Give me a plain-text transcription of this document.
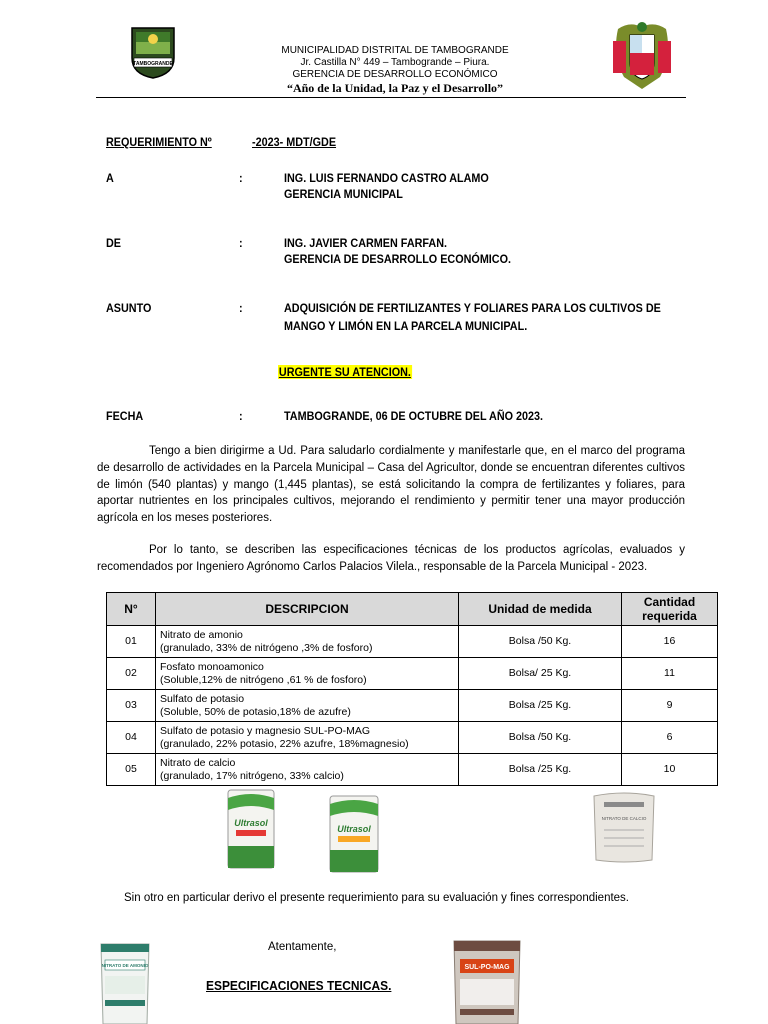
TAMBOGRANDE
MUNICIPALIDAD DISTRITAL DE TAMBOGRANDE
Jr. Castilla N° 449 – Tambogrande – Piura.
GERENCIA DE DESARROLLO ECONÓMICO
“Año de la Unidad, la Paz y el Desarrollo”
REQUERIMIENTO Nº	-2023- MDT/GDE
A	:	ING. LUIS FERNANDO CASTRO ALAMO
GERENCIA MUNICIPAL
DE	:	ING. JAVIER CARMEN FARFAN.
GERENCIA DE DESARROLLO ECONÓMICO.
ASUNTO	:	ADQUISICIÓN DE FERTILIZANTES Y FOLIARES PARA LOS CULTIVOS DE
MANGO Y LIMÓN EN LA PARCELA MUNICIPAL.
URGENTE SU ATENCION.
FECHA	:	TAMBOGRANDE, 06 DE OCTUBRE DEL AÑO 2023.

Tengo a bien dirigirme a Ud. Para saludarlo cordialmente y manifestarle que, en el marco del programa de desarrollo de actividades en la Parcela Municipal – Casa del Agricultor, donde se encuentran diferentes cultivos de limón (540 plantas) y mango (1,445 plantas), se está solicitando la compra de fertilizantes y foliares, para aportar nutrientes en los principales cultivos, mejorando el rendimiento y permitir tener una mayor producción agrícola en los meses posteriores.

Por lo tanto, se describen las especificaciones técnicas de los productos agrícolas, evaluados y recomendados por Ingeniero Agrónomo Carlos Palacios Vilela., responsable de la Parcela Municipal - 2023.

N°	DESCRIPCION	Unidad de medida	Cantidad
requerida
01	Nitrato de amonio
(granulado, 33% de nitrógeno ,3% de fosforo)	Bolsa /50 Kg.	16
02	Fosfato monoamonico
(Soluble,12% de nitrógeno ,61 % de fosforo)	Bolsa/ 25 Kg.	11
03	Sulfato de potasio
(Soluble, 50% de potasio,18% de azufre)	Bolsa /25 Kg.	9
04	Sulfato de potasio y magnesio SUL-PO-MAG
(granulado, 22% potasio, 22% azufre, 18%magnesio)	Bolsa /50 Kg.	6
05	Nitrato de calcio
(granulado, 17% nitrógeno, 33% calcio)	Bolsa /25 Kg.	10
Ultrasol
Ultrasol
NITRATO DE CALCIO
NITRATO DE AMONIO	SUL-PO-MAG
Sin otro en particular derivo el presente requerimiento para su evaluación y fines correspondientes.
Atentamente,
ESPECIFICACIONES TECNICAS.
